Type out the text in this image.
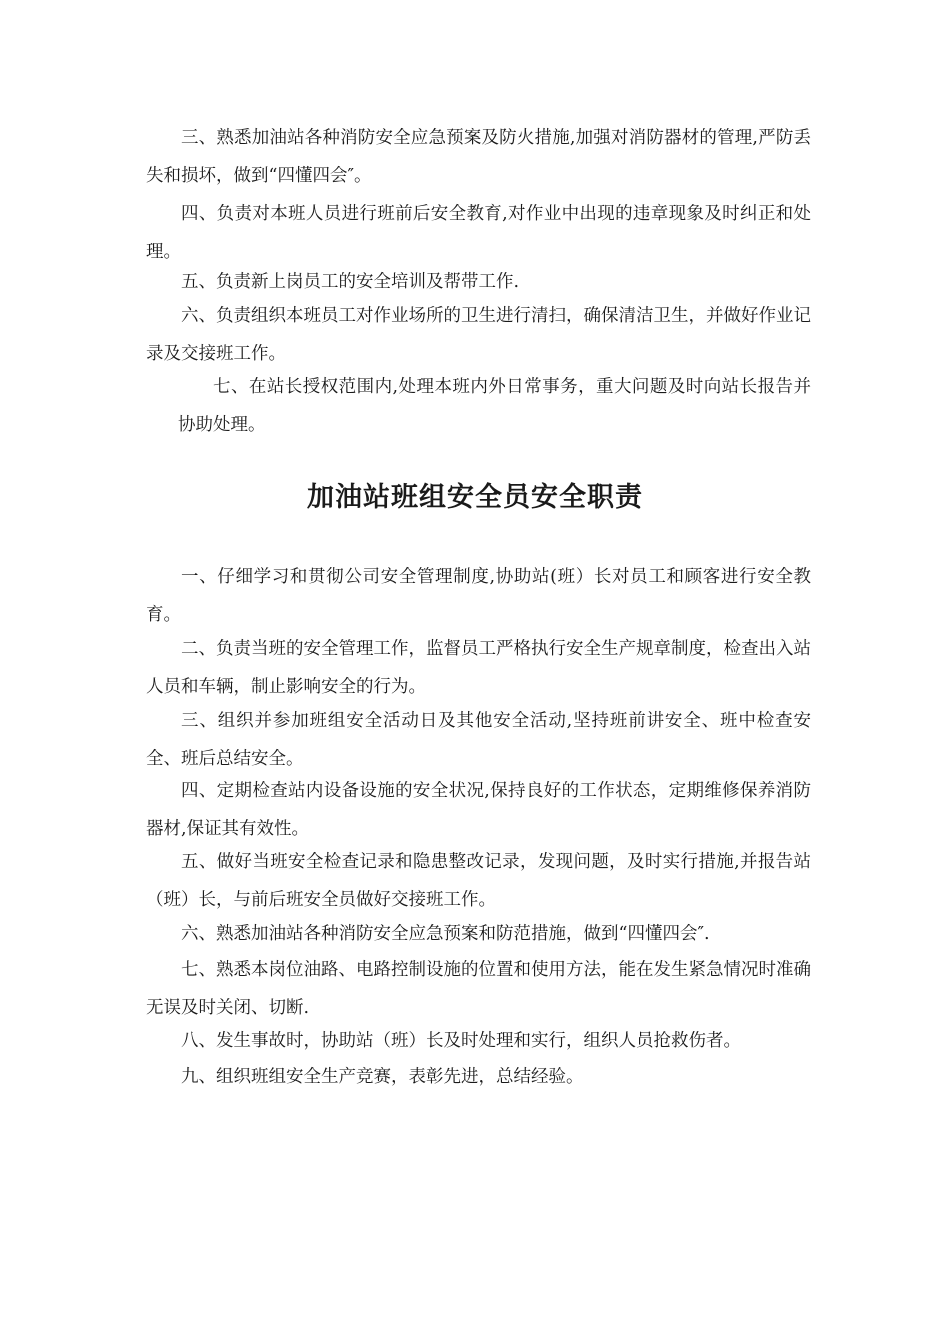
三、熟悉加油站各种消防安全应急预案及防火措施,加强对消防器材的管理,严防丢失和损坏，做到“四懂四会″。

四、负责对本班人员进行班前后安全教育,对作业中出现的违章现象及时纠正和处理。

五、负责新上岗员工的安全培训及帮带工作.

六、负责组织本班员工对作业场所的卫生进行清扫，确保清洁卫生，并做好作业记录及交接班工作。

七、在站长授权范围内,处理本班内外日常事务，重大问题及时向站长报告并协助处理。

加油站班组安全员安全职责

一、仔细学习和贯彻公司安全管理制度,协助站(班）长对员工和顾客进行安全教育。

二、负责当班的安全管理工作，监督员工严格执行安全生产规章制度，检查出入站人员和车辆，制止影响安全的行为。

三、组织并参加班组安全活动日及其他安全活动,坚持班前讲安全、班中检查安全、班后总结安全。

四、定期检查站内设备设施的安全状况,保持良好的工作状态，定期维修保养消防器材,保证其有效性。

五、做好当班安全检查记录和隐患整改记录，发现问题，及时实行措施,并报告站（班）长，与前后班安全员做好交接班工作。

六、熟悉加油站各种消防安全应急预案和防范措施，做到“四懂四会″.

七、熟悉本岗位油路、电路控制设施的位置和使用方法，能在发生紧急情况时准确无误及时关闭、切断.

八、发生事故时，协助站（班）长及时处理和实行，组织人员抢救伤者。

九、组织班组安全生产竞赛，表彰先进，总结经验。
